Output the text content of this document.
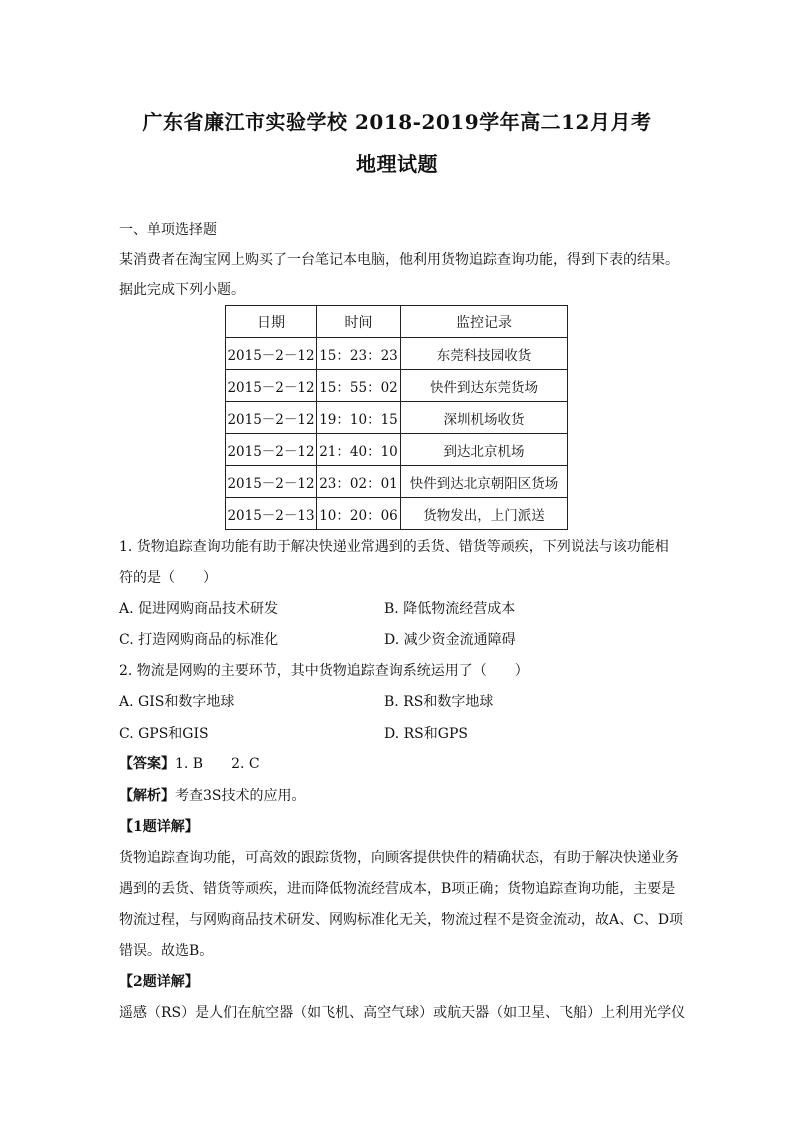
广东省廉江市实验学校 2018-2019学年高二12月月考
地理试题
一、单项选择题
某消费者在淘宝网上购买了一台笔记本电脑，他利用货物追踪查询功能，得到下表的结果。
据此完成下列小题。
日期	时间	监控记录
2015－2－12	15：23：23	东莞科技园收货
2015－2－12	15：55：02	快件到达东莞货场
2015－2－12	19：10：15	深圳机场收货
2015－2－12	21：40：10	到达北京机场
2015－2－12	23：02：01	快件到达北京朝阳区货场
2015－2－13	10：20：06	货物发出，上门派送
1. 货物追踪查询功能有助于解决快递业常遇到的丢货、错货等顽疾，下列说法与该功能相
符的是（　　）
A. 促进网购商品技术研发	B. 降低物流经营成本
C. 打造网购商品的标准化	D. 减少资金流通障碍
2. 物流是网购的主要环节，其中货物追踪查询系统运用了（　　）
A. GIS和数字地球	B. RS和数字地球
C. GPS和GIS	D. RS和GPS
【答案】1. B　　2. C
【解析】考查3S技术的应用。
【1题详解】
货物追踪查询功能，可高效的跟踪货物，向顾客提供快件的精确状态，有助于解决快递业务
遇到的丢货、错货等顽疾，进而降低物流经营成本，B项正确；货物追踪查询功能，主要是
物流过程，与网购商品技术研发、网购标准化无关，物流过程不是资金流动，故A、C、D项
错误。故选B。
【2题详解】
遥感（RS）是人们在航空器（如飞机、高空气球）或航天器（如卫星、飞船）上利用光学仪
